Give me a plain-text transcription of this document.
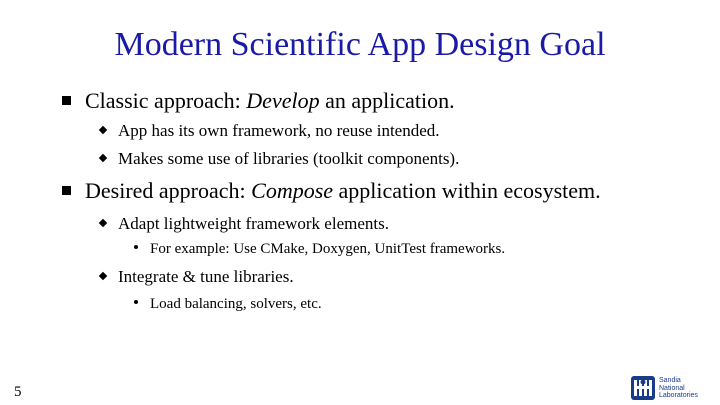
Modern Scientific App Design Goal
Classic approach: Develop an application.
App has its own framework, no reuse intended.
Makes some use of libraries (toolkit components).
Desired approach: Compose application within ecosystem.
Adapt lightweight framework elements.
For example: Use CMake, Doxygen, UnitTest frameworks.
Integrate & tune libraries.
Load balancing, solvers, etc.
5
Sandia
National
Laboratories
